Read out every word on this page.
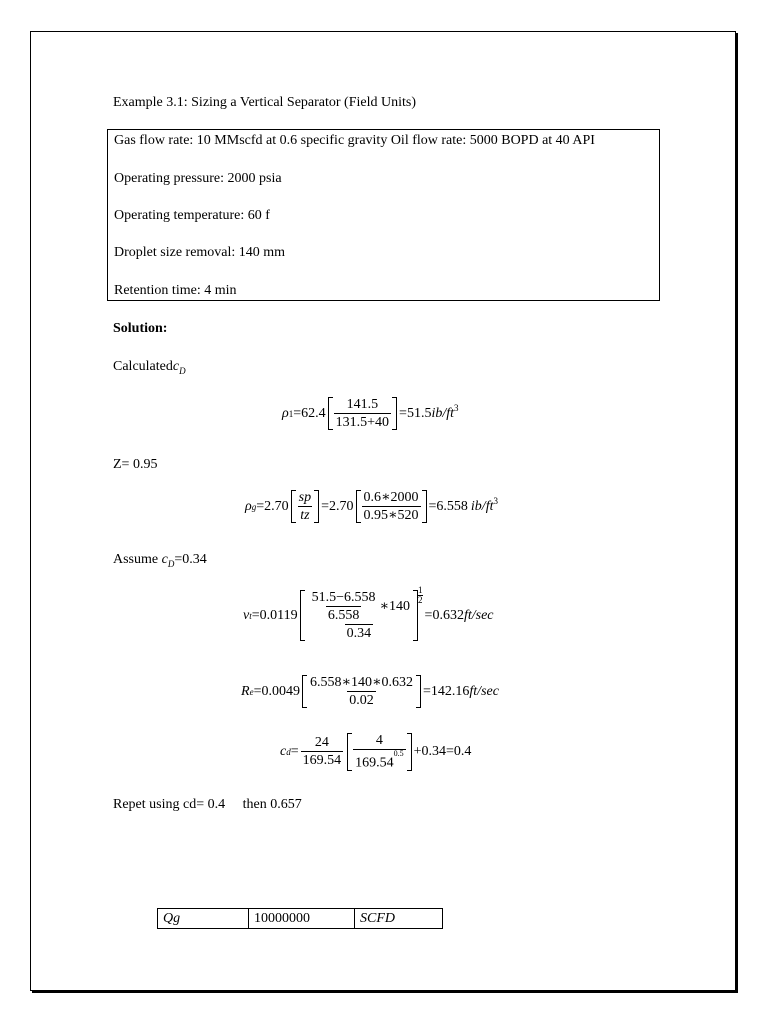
Example 3.1: Sizing a Vertical Separator (Field Units)
Gas flow rate: 10 MMscfd at 0.6 specific gravity Oil flow rate: 5000 BOPD at 40 API
Operating pressure: 2000 psia
Operating temperature: 60 f
Droplet size removal: 140 mm
Retention time: 4 min
Solution:
Calculatedc$_D$
ρ $1 =62.4 \frac{141.5}{131.5+40} =51.5$ $ib/ft^3$
Z= 0.95
ρ $g =2.70 \frac{sp}{tz} =2.70 \frac{0.6∗2000}{0.95∗520} =6.558$ $ib/ft^3$
Assume $c_D=0.34$
v $t =0.0119 \frac{\frac{51.5-6.558}{6.558} ∗140}{0.34} \frac{1}{2}$
=0.632 ft/sec
R $e =0.0049 \frac{6.558∗140∗0.632}{0.02} =142.16$ ft/sec
c $d = \frac{24}{169.54} \frac{4}{169.54^{0.5}} +0.34=0.4$
Repet using cd= 0.4     then 0.657
Qg	10000000	SCFD
